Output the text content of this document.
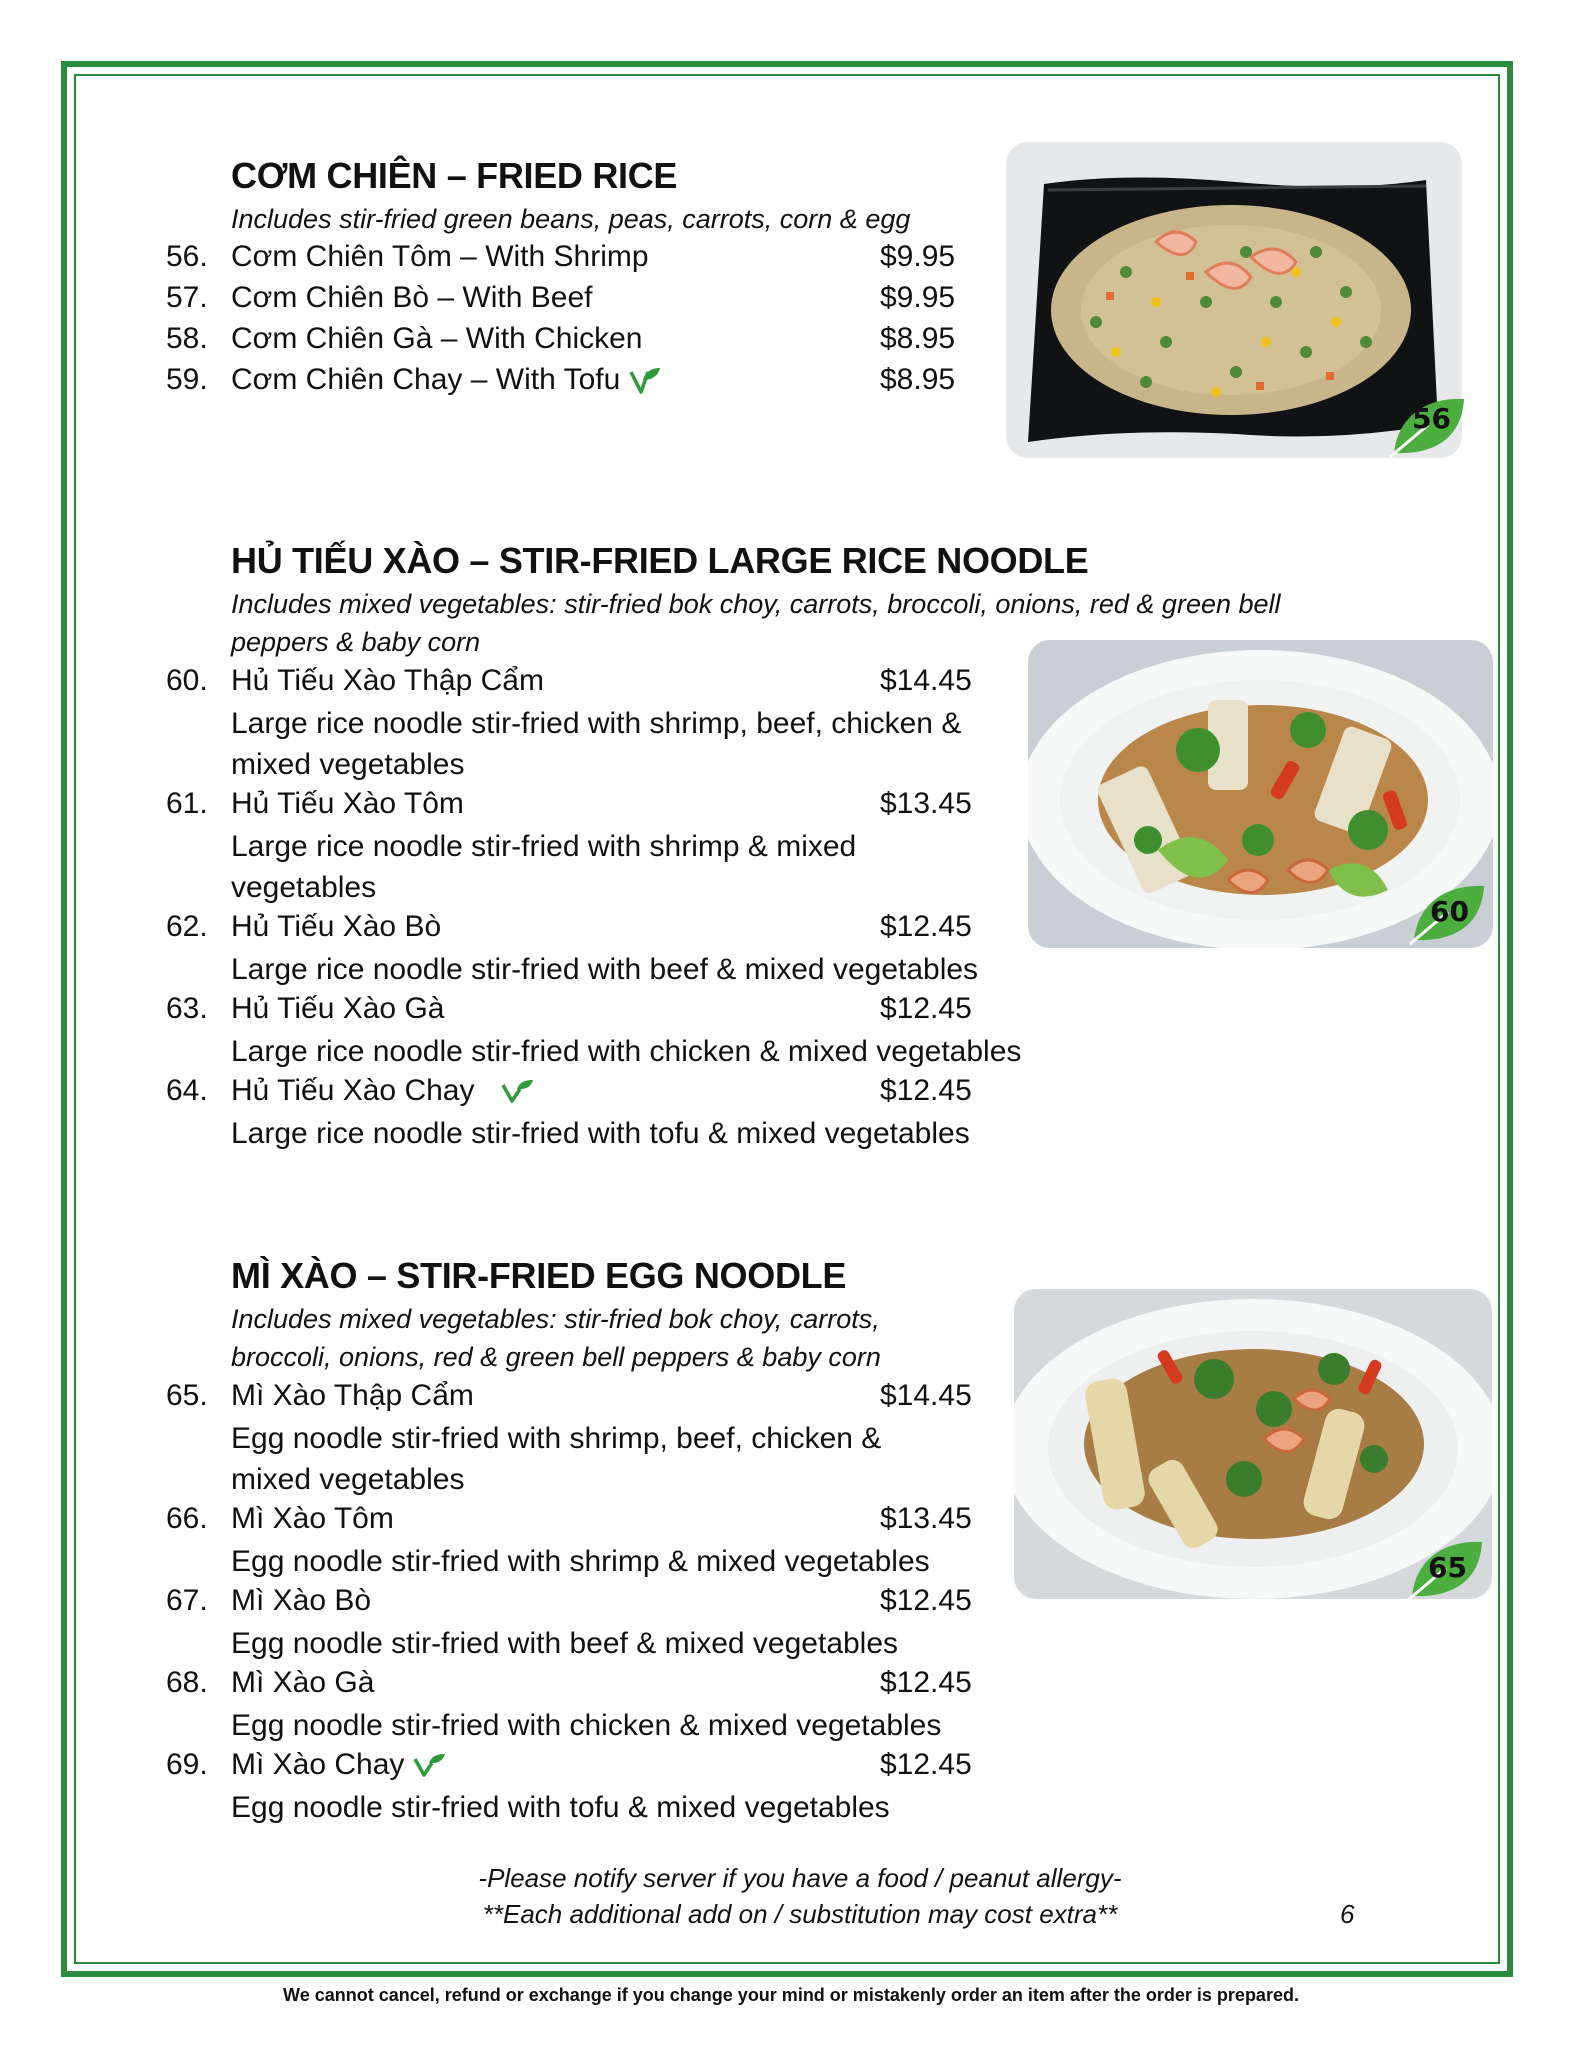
CƠM CHIÊN – FRIED RICE
Includes stir-fried green beans, peas, carrots, corn & egg
56. Cơm Chiên Tôm – With Shrimp	$9.95
57. Cơm Chiên Bò – With Beef	$9.95
58. Cơm Chiên Gà – With Chicken	$8.95
59. Cơm Chiên Chay – With Tofu	$8.95
56
HỦ TIẾU XÀO – STIR-FRIED LARGE RICE NOODLE
Includes mixed vegetables: stir-fried bok choy, carrots, broccoli, onions, red & green bell
peppers & baby corn
60. Hủ Tiếu Xào Thập Cẩm	$14.45
Large rice noodle stir-fried with shrimp, beef, chicken &
mixed vegetables
61. Hủ Tiếu Xào Tôm	$13.45
Large rice noodle stir-fried with shrimp & mixed
vegetables
62. Hủ Tiếu Xào Bò	$12.45
Large rice noodle stir-fried with beef & mixed vegetables
63. Hủ Tiếu Xào Gà	$12.45
Large rice noodle stir-fried with chicken & mixed vegetables
64. Hủ Tiếu Xào Chay	$12.45
Large rice noodle stir-fried with tofu & mixed vegetables
60
MÌ XÀO – STIR-FRIED EGG NOODLE
Includes mixed vegetables: stir-fried bok choy, carrots,
broccoli, onions, red & green bell peppers & baby corn
65. Mì Xào Thập Cẩm	$14.45
Egg noodle stir-fried with shrimp, beef, chicken &
mixed vegetables
66. Mì Xào Tôm	$13.45
Egg noodle stir-fried with shrimp & mixed vegetables
67. Mì Xào Bò	$12.45
Egg noodle stir-fried with beef & mixed vegetables
68. Mì Xào Gà	$12.45
Egg noodle stir-fried with chicken & mixed vegetables
69. Mì Xào Chay	$12.45
Egg noodle stir-fried with tofu & mixed vegetables
65
-Please notify server if you have a food / peanut allergy-
**Each additional add on / substitution may cost extra**	6
We cannot cancel, refund or exchange if you change your mind or mistakenly order an item after the order is prepared.
